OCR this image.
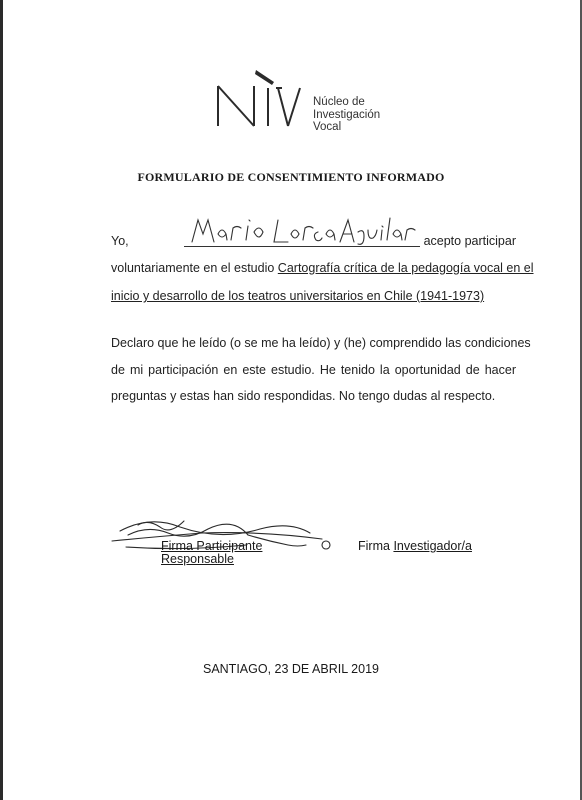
Núcleo de
Investigación
Vocal
FORMULARIO DE CONSENTIMIENTO INFORMADO
Yo,	acepto participar
voluntariamente en el estudio Cartografía crítica de la pedagogía vocal en el
inicio y desarrollo de los teatros universitarios en Chile (1941-1973)
Declaro que he leído (o se me ha leído) y (he) comprendido las condiciones
de mi participación en este estudio. He tenido la oportunidad de hacer
preguntas y estas han sido respondidas. No tengo dudas al respecto.
Firma Participante
Responsable
Firma Investigador/a
SANTIAGO, 23 DE ABRIL 2019
